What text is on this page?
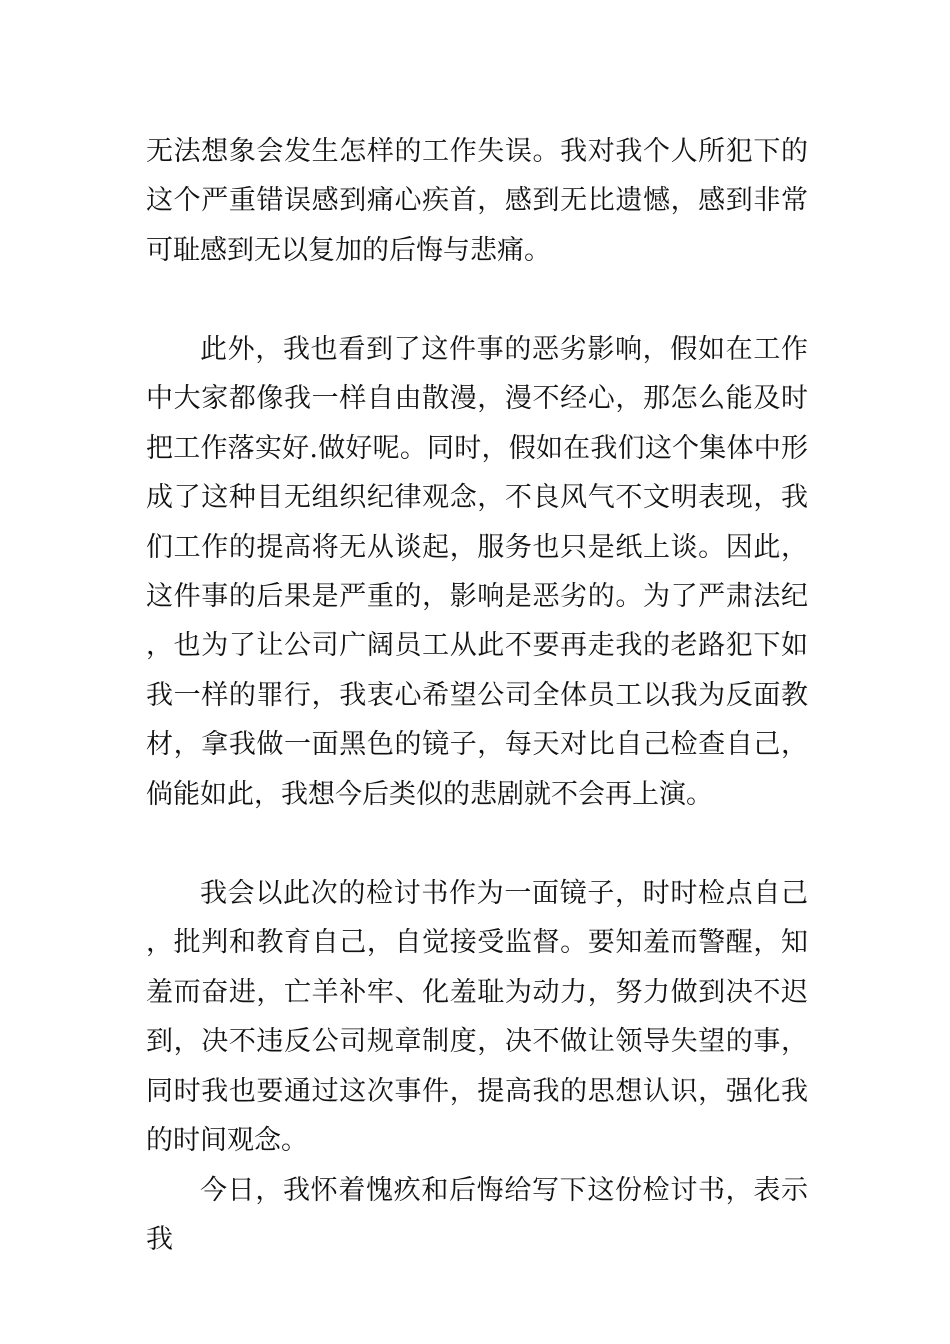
无法想象会发生怎样的工作失误。我对我个人所犯下的这个严重错误感到痛心疾首，感到无比遗憾，感到非常可耻感到无以复加的后悔与悲痛。

此外，我也看到了这件事的恶劣影响，假如在工作中大家都像我一样自由散漫，漫不经心，那怎么能及时把工作落实好.做好呢。同时，假如在我们这个集体中形成了这种目无组织纪律观念，不良风气不文明表现，我们工作的提高将无从谈起，服务也只是纸上谈。因此，这件事的后果是严重的，影响是恶劣的。为了严肃法纪，也为了让公司广阔员工从此不要再走我的老路犯下如我一样的罪行，我衷心希望公司全体员工以我为反面教材，拿我做一面黑色的镜子，每天对比自己检查自己，倘能如此，我想今后类似的悲剧就不会再上演。

我会以此次的检讨书作为一面镜子，时时检点自己，批判和教育自己，自觉接受监督。要知羞而警醒，知羞而奋进，亡羊补牢、化羞耻为动力，努力做到决不迟到，决不违反公司规章制度，决不做让领导失望的事，同时我也要通过这次事件，提高我的思想认识，强化我的时间观念。

今日，我怀着愧疚和后悔给写下这份检讨书，表示我
